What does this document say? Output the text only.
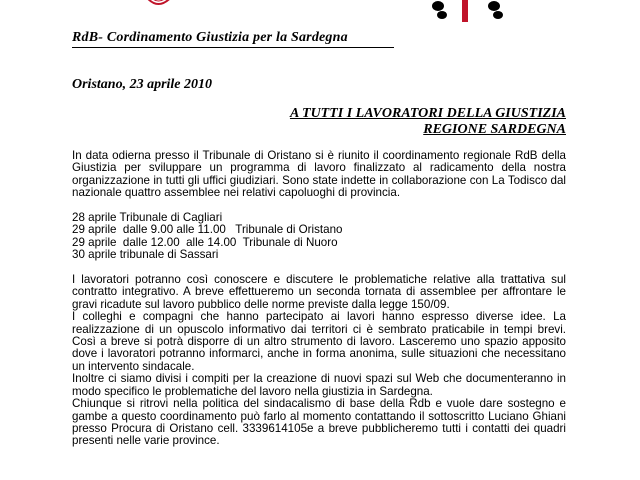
RdB- Cordinamento Giustizia per la Sardegna
Oristano, 23 aprile 2010
A TUTTI I LAVORATORI DELLA GIUSTIZIA
REGIONE SARDEGNA

In data odierna presso il Tribunale di Oristano si è riunito il coordinamento regionale RdB della Giustizia per sviluppare un programma di lavoro finalizzato al radicamento della nostra organizzazione in tutti gli uffici giudiziari. Sono state indette in collaborazione con La Todisco dal nazionale quattro assemblee nei relativi capoluoghi di provincia.

28 aprile Tribunale di Cagliari
29 aprile  dalle 9.00 alle 11.00   Tribunale di Oristano
29 aprile  dalle 12.00  alle 14.00  Tribunale di Nuoro
30 aprile tribunale di Sassari

I lavoratori potranno così conoscere e discutere le problematiche relative alla trattativa sul contratto integrativo. A breve effettueremo un seconda tornata di assemblee per affrontare le gravi ricadute sul lavoro pubblico delle norme previste dalla legge 150/09.

I colleghi e compagni che hanno partecipato ai lavori hanno espresso diverse idee. La realizzazione di un opuscolo informativo dai territori ci è sembrato praticabile in tempi brevi. Così a breve si potrà disporre di un altro strumento di lavoro. Lasceremo uno spazio apposito dove i lavoratori potranno informarci, anche in forma anonima, sulle situazioni che necessitano un intervento sindacale.

Inoltre ci siamo divisi i compiti per la creazione di nuovi spazi sul Web che documenteranno in modo specifico le problematiche del lavoro nella giustizia in Sardegna.

Chiunque si ritrovi nella politica del sindacalismo di base della Rdb e vuole dare sostegno e gambe a questo coordinamento può farlo al momento contattando il sottoscritto Luciano Ghiani presso Procura di Oristano cell. 3339614105e a breve pubblicheremo tutti i contatti dei quadri presenti nelle varie province.
